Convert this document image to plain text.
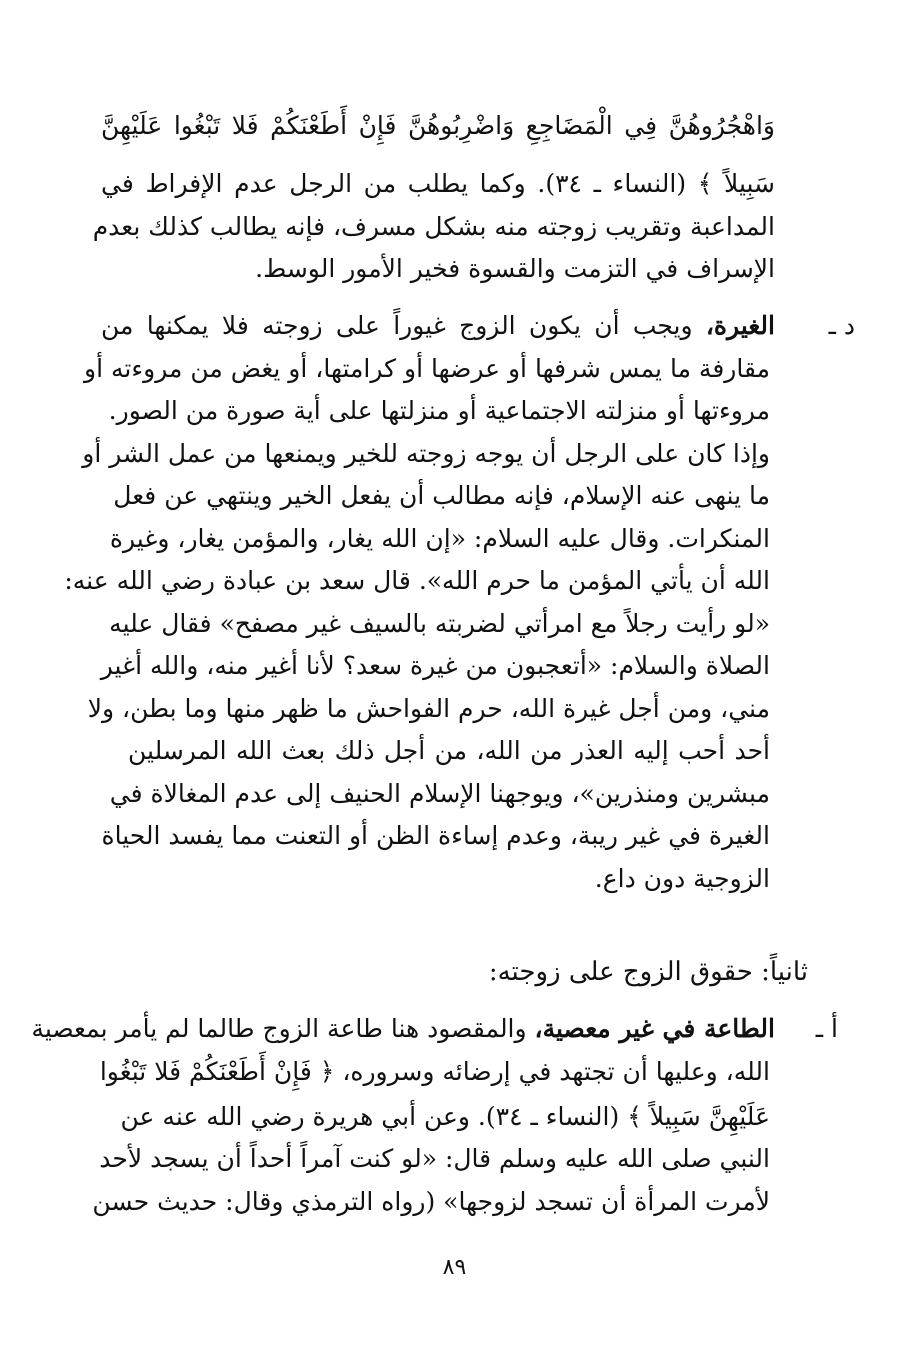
وَاهْجُرُوهُنَّ فِي الْمَضَاجِعِ وَاضْرِبُوهُنَّ فَإِنْ أَطَعْنَكُمْ فَلا تَبْغُوا عَلَيْهِنَّ
سَبِيلاً ﴾ (النساء ـ ٣٤). وكما يطلب من الرجل عدم الإفراط في
المداعبة وتقريب زوجته منه بشكل مسرف، فإنه يطالب كذلك بعدم
الإسراف في التزمت والقسوة فخير الأمور الوسط.
د ـ
الغيرة، ويجب أن يكون الزوج غيوراً على زوجته فلا يمكنها من
مقارفة ما يمس شرفها أو عرضها أو كرامتها، أو يغض من مروءته أو
مروءتها أو منزلته الاجتماعية أو منزلتها على أية صورة من الصور.
وإذا كان على الرجل أن يوجه زوجته للخير ويمنعها من عمل الشر أو
ما ينهى عنه الإسلام، فإنه مطالب أن يفعل الخير وينتهي عن فعل
المنكرات. وقال عليه السلام: «إن الله يغار، والمؤمن يغار، وغيرة
الله أن يأتي المؤمن ما حرم الله». قال سعد بن عبادة رضي الله عنه:
«لو رأيت رجلاً مع امرأتي لضربته بالسيف غير مصفح» فقال عليه
الصلاة والسلام: «أتعجبون من غيرة سعد؟ لأنا أغير منه، والله أغير
مني، ومن أجل غيرة الله، حرم الفواحش ما ظهر منها وما بطن، ولا
أحد أحب إليه العذر من الله، من أجل ذلك بعث الله المرسلين
مبشرين ومنذرين»، ويوجهنا الإسلام الحنيف إلى عدم المغالاة في
الغيرة في غير ريبة، وعدم إساءة الظن أو التعنت مما يفسد الحياة
الزوجية دون داع.
ثانياً: حقوق الزوج على زوجته:
أ ـ
الطاعة في غير معصية، والمقصود هنا طاعة الزوج طالما لم يأمر بمعصية
الله، وعليها أن تجتهد في إرضائه وسروره، ﴿ فَإِنْ أَطَعْنَكُمْ فَلا تَبْغُوا
عَلَيْهِنَّ سَبِيلاً ﴾ (النساء ـ ٣٤). وعن أبي هريرة رضي الله عنه عن
النبي صلى الله عليه وسلم قال: «لو كنت آمراً أحداً أن يسجد لأحد
لأمرت المرأة أن تسجد لزوجها» (رواه الترمذي وقال: حديث حسن
٨٩
